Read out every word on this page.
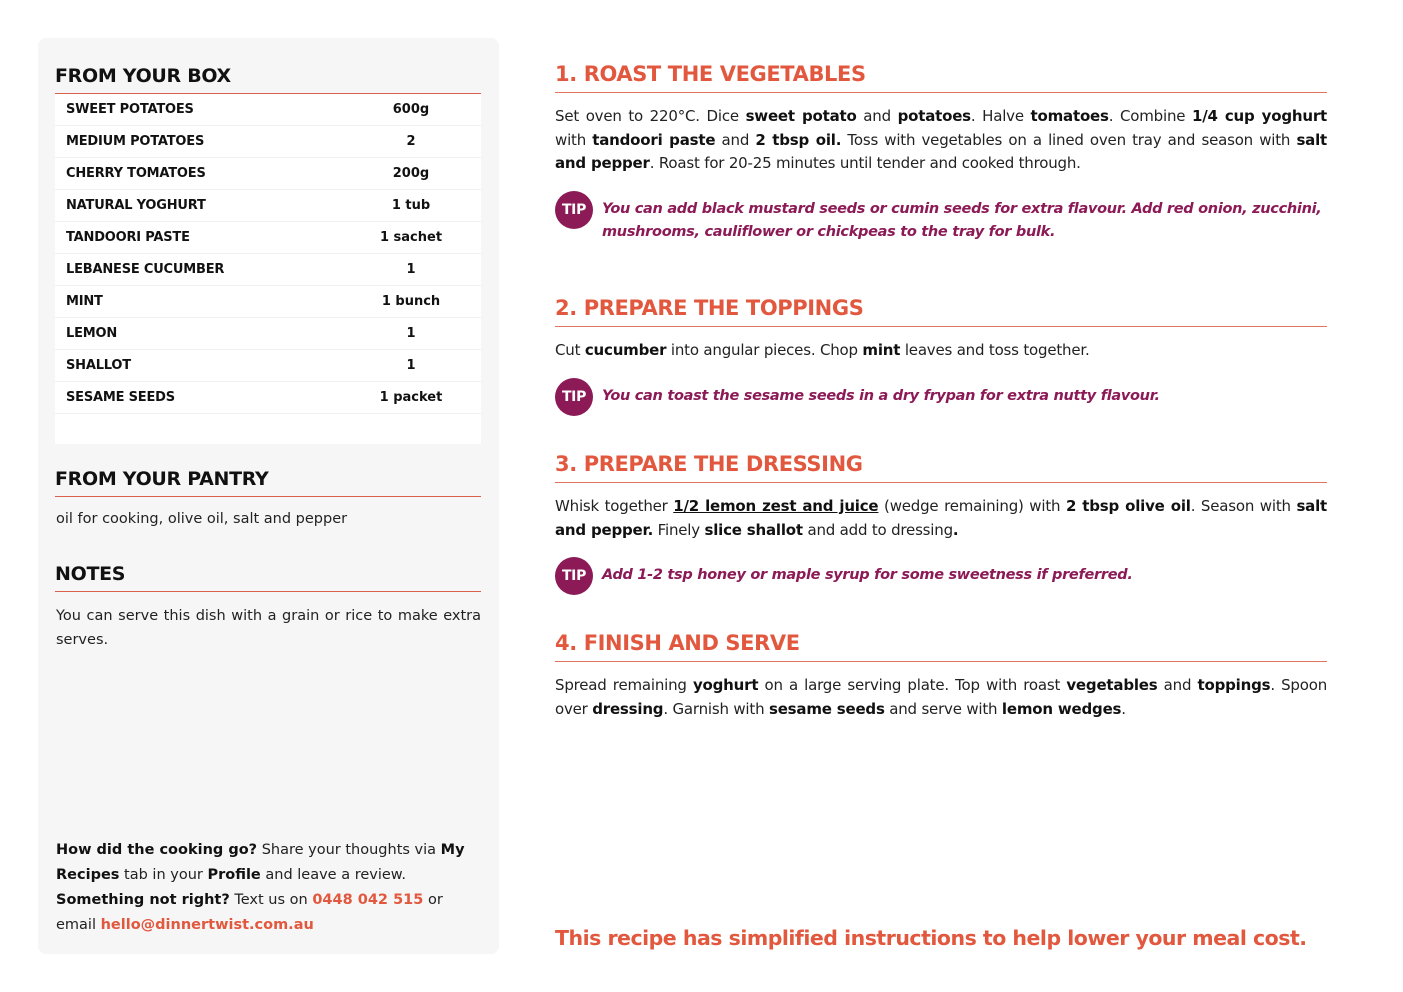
FROM YOUR BOX
SWEET POTATOES	600g
MEDIUM POTATOES	2
CHERRY TOMATOES	200g
NATURAL YOGHURT	1 tub
TANDOORI PASTE	1 sachet
LEBANESE CUCUMBER	1
MINT	1 bunch
LEMON	1
SHALLOT	1
SESAME SEEDS	1 packet
FROM YOUR PANTRY
oil for cooking, olive oil, salt and pepper
NOTES
You can serve this dish with a grain or rice to make extra serves.
How did the cooking go? Share your thoughts via My Recipes tab in your Profile and leave a review.
Something not right? Text us on 0448 042 515 or email hello@dinnertwist.com.au
1. ROAST THE VEGETABLES
Set oven to 220°C. Dice sweet potato and potatoes. Halve tomatoes. Combine 1/4 cup yoghurt with tandoori paste and 2 tbsp oil. Toss with vegetables on a lined oven tray and season with salt and pepper. Roast for 20-25 minutes until tender and cooked through.
TIP	You can add black mustard seeds or cumin seeds for extra flavour. Add red onion, zucchini, mushrooms, cauliflower or chickpeas to the tray for bulk.
2. PREPARE THE TOPPINGS
Cut cucumber into angular pieces. Chop mint leaves and toss together.
TIP	You can toast the sesame seeds in a dry frypan for extra nutty flavour.
3. PREPARE THE DRESSING
Whisk together 1/2 lemon zest and juice (wedge remaining) with 2 tbsp olive oil. Season with salt and pepper. Finely slice shallot and add to dressing.
TIP	Add 1-2 tsp honey or maple syrup for some sweetness if preferred.
4. FINISH AND SERVE
Spread remaining yoghurt on a large serving plate. Top with roast vegetables and toppings. Spoon over dressing. Garnish with sesame seeds and serve with lemon wedges.
This recipe has simplified instructions to help lower your meal cost.
